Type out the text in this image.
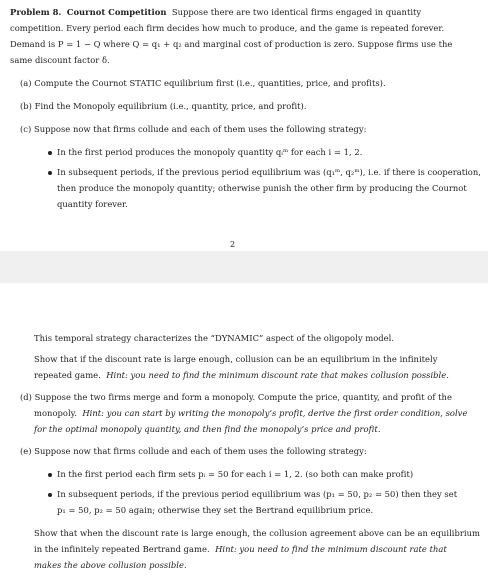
Problem 8. Cournot Competition Suppose there are two identical firms engaged in quantity
competition. Every period each firm decides how much to produce, and the game is repeated forever.
Demand is P = 1 − Q where Q = q₁ + q₂ and marginal cost of production is zero. Suppose firms use the
same discount factor δ.
(a) Compute the Cournot STATIC equilibrium first (i.e., quantities, price, and profits).
(b) Find the Monopoly equilibrium (i.e., quantity, price, and profit).
(c) Suppose now that firms collude and each of them uses the following strategy:
In the first period produces the monopoly quantity qᵢᵐ for each i = 1, 2.
In subsequent periods, if the previous period equilibrium was (q₁ᵐ, q₂ᵐ), i.e. if there is cooperation,
then produce the monopoly quantity; otherwise punish the other firm by producing the Cournot
quantity forever.
2
This temporal strategy characterizes the “DYNAMIC” aspect of the oligopoly model.
Show that if the discount rate is large enough, collusion can be an equilibrium in the infinitely
repeated game. Hint: you need to find the minimum discount rate that makes collusion possible.
(d) Suppose the two firms merge and form a monopoly. Compute the price, quantity, and profit of the
monopoly. Hint: you can start by writing the monopoly’s profit, derive the first order condition, solve
for the optimal monopoly quantity, and then find the monopoly’s price and profit.
(e) Suppose now that firms collude and each of them uses the following strategy:
In the first period each firm sets pᵢ = 50 for each i = 1, 2. (so both can make profit)
In subsequent periods, if the previous period equilibrium was (p₁ = 50, p₂ = 50) then they set
p₁ = 50, p₂ = 50 again; otherwise they set the Bertrand equilibrium price.
Show that when the discount rate is large enough, the collusion agreement above can be an equilibrium
in the infinitely repeated Bertrand game. Hint: you need to find the minimum discount rate that
makes the above collusion possible.
